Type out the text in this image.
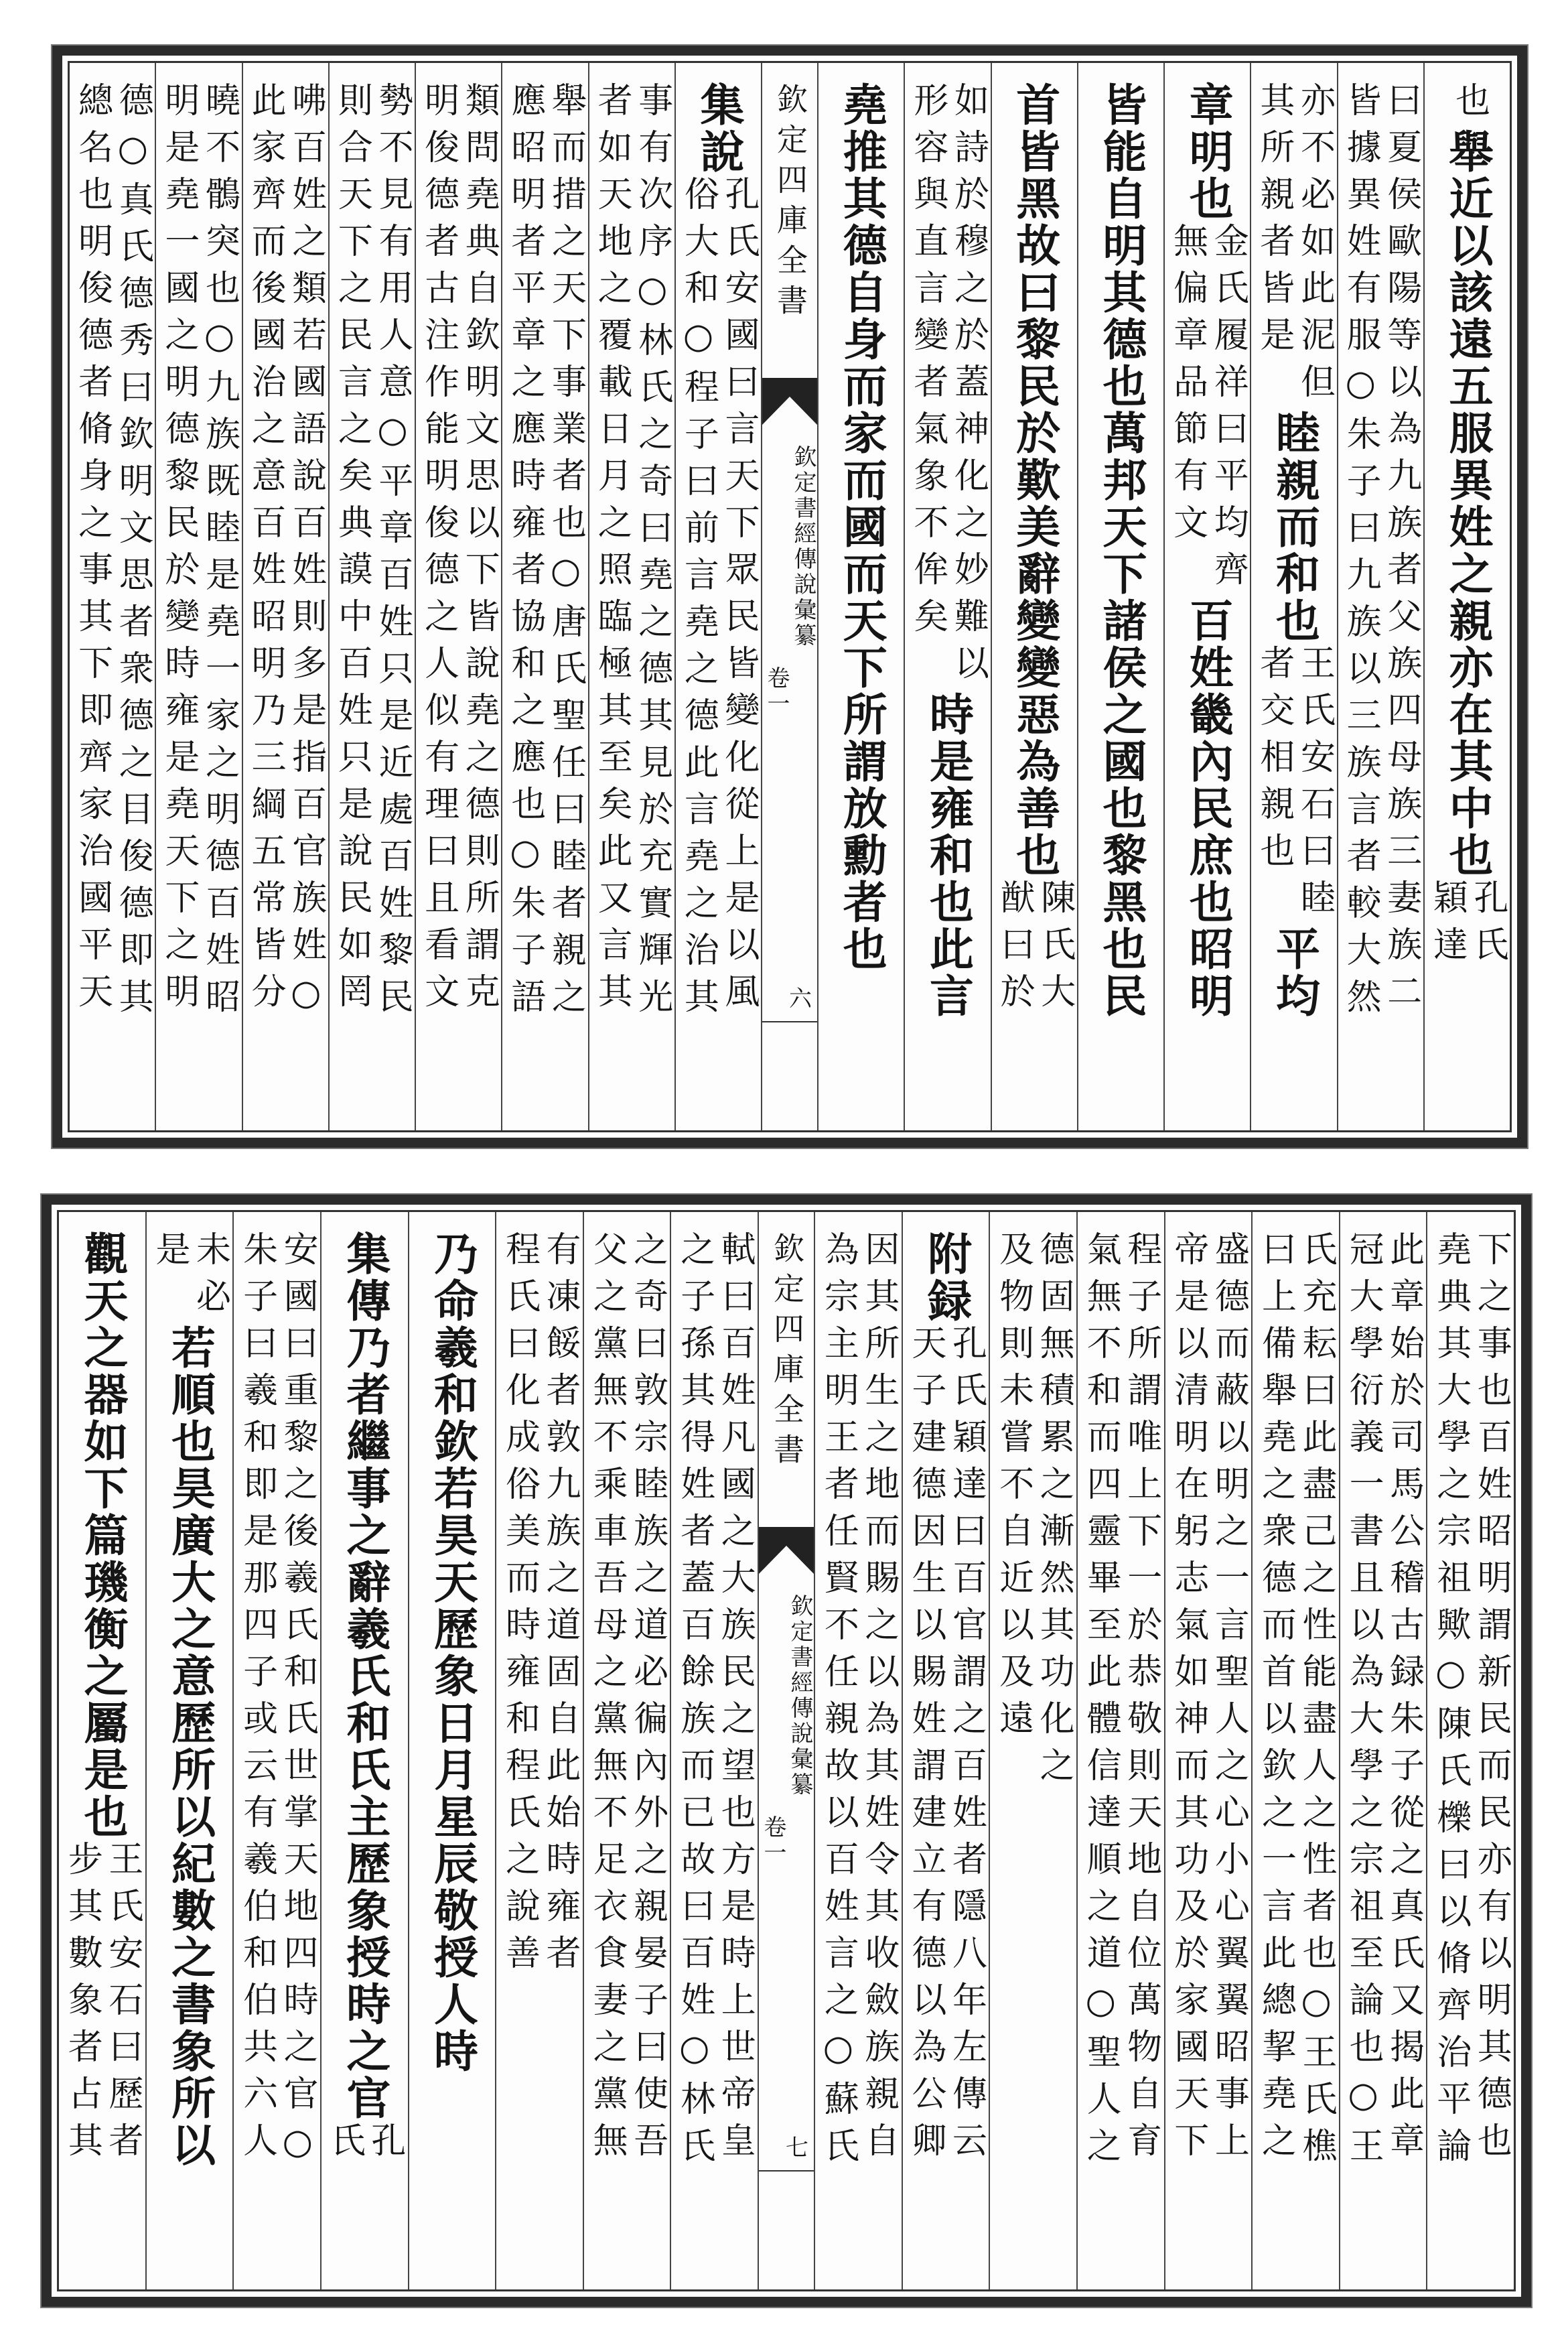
也
舉近以該遠五服異姓之親亦在其中也
孔氏
穎達
曰夏侯歐陽等以為九族者父族四母族三妻族二
皆據異姓有服○朱子曰九族以三族言者較大然
亦不必如此泥但
其所親者皆是
睦親而和也
王氏安石曰睦
者交相親也
平均
章明也
金氏履祥曰平均齊
無偏章品節有文
百姓畿內民庶也昭明
皆能自明其德也萬邦天下諸侯之國也黎黑也民
首皆黑故曰黎民於歎美辭變變惡為善也
陳氏大
猷曰於
如詩於穆之於蓋神化之妙難以
形容與直言變者氣象不侔矣
時是雍和也此言
堯推其德自身而家而國而天下所謂放勳者也
欽定四庫全書
欽定書經傳說彙纂
卷一
六
集說
孔氏安國曰言天下眾民皆變化從上是以風
俗大和○程子曰前言堯之德此言堯之治其
事有次序○林氏之奇曰堯之德其見於充實輝光
者如天地之覆載日月之照臨極其至矣此又言其
舉而措之天下事業者也○唐氏聖任曰睦者親之
應昭明者平章之應時雍者協和之應也○朱子語
類問堯典自欽明文思以下皆說堯之德則所謂克
明俊德者古注作能明俊德之人似有理曰且看文
勢不見有用人意○平章百姓只是近處百姓黎民
則合天下之民言之矣典謨中百姓只是說民如罔
咈百姓之類若國語說百姓則多是指百官族姓○
此家齊而後國治之意百姓昭明乃三綱五常皆分
曉不鶻突也○九族既睦是堯一家之明德百姓昭
明是堯一國之明德黎民於變時雍是堯天下之明
德○真氏德秀曰欽明文思者衆德之目俊德即其
總名也明俊德者脩身之事其下即齊家治國平天
下之事也百姓昭明謂新民而民亦有以明其德也
堯典其大學之宗祖歟○陳氏櫟曰以脩齊治平論
此章始於司馬公稽古録朱子從之真氏又揭此章
冠大學衍義一書且以為大學之宗祖至論也○王
氏充耘曰此盡己之性能盡人之性者也○王氏樵
曰上備舉堯之衆德而首以欽之一言此總挈堯之
盛德而蔽以明之一言聖人之心小心翼翼昭事上
帝是以清明在躬志氣如神而其功及於家國天下
程子所謂唯上下一於恭敬則天地自位萬物自育
氣無不和而四靈畢至此體信達順之道○聖人之
德固無積累之漸然其功化之
及物則未嘗不自近以及遠
附録
孔氏穎達曰百官謂之百姓者隱八年左傳云
天子建德因生以賜姓謂建立有德以為公卿
因其所生之地而賜之以為其姓令其收斂族親自
為宗主明王者任賢不任親故以百姓言之○蘇氏
欽定四庫全書
欽定書經傳說彙纂
卷一
七
軾曰百姓凡國之大族民之望也方是時上世帝皇
之子孫其得姓者蓋百餘族而已故曰百姓○林氏
之奇曰敦宗睦族之道必徧內外之親晏子曰使吾
父之黨無不乘車吾母之黨無不足衣食妻之黨無
有凍餒者敦九族之道固自此始時雍者
程氏曰化成俗美而時雍和程氏之說善
乃命羲和欽若昊天歷象日月星辰敬授人時
集傳乃者繼事之辭羲氏和氏主歷象授時之官
孔
氏
安國曰重黎之後羲氏和氏世掌天地四時之官○
朱子曰羲和即是那四子或云有羲伯和伯共六人
未必
是
若順也昊廣大之意歷所以紀數之書象所以
觀天之器如下篇璣衡之屬是也
王氏安石曰歷者
步其數象者占其
